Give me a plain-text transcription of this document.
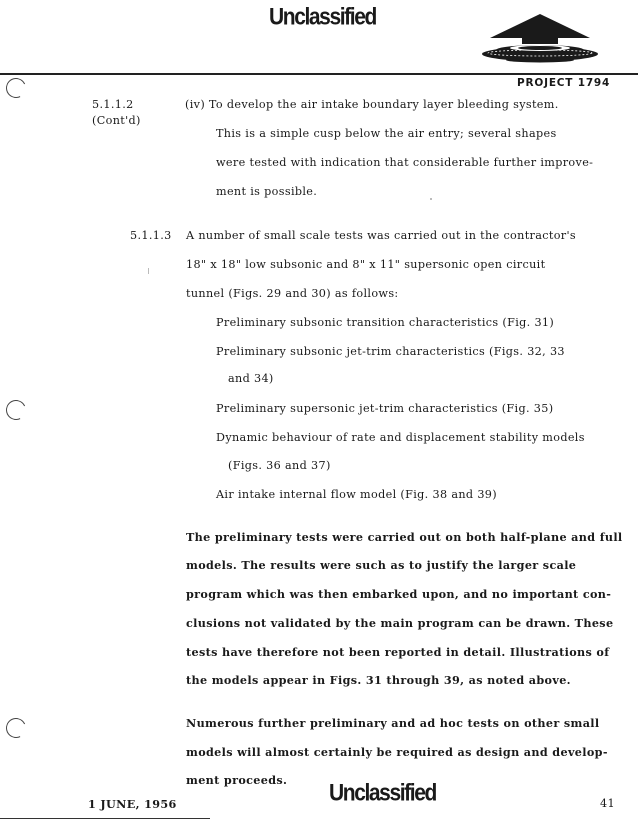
Unclassified
PROJECT 1794
5.1.1.2
(Cont'd)
(iv) To develop the air intake boundary layer bleeding system.
This is a simple cusp below the air entry; several shapes
were tested with indication that considerable further improve-
ment is possible.
5.1.1.3 A number of small scale tests was carried out in the contractor's
18" x 18" low subsonic and 8" x 11" supersonic open circuit
tunnel (Figs. 29 and 30) as follows:
Preliminary subsonic transition characteristics (Fig. 31)
Preliminary subsonic jet-trim characteristics (Figs. 32, 33
and 34)
Preliminary supersonic jet-trim characteristics (Fig. 35)
Dynamic behaviour of rate and displacement stability models
(Figs. 36 and 37)
Air intake internal flow model (Fig. 38 and 39)
The preliminary tests were carried out on both half-plane and full
models. The results were such as to justify the larger scale
program which was then embarked upon, and no important con-
clusions not validated by the main program can be drawn. These
tests have therefore not been reported in detail. Illustrations of
the models appear in Figs. 31 through 39, as noted above.
Numerous further preliminary and ad hoc tests on other small
models will almost certainly be required as design and develop-
ment proceeds.
1 JUNE, 1956	Unclassified	41
